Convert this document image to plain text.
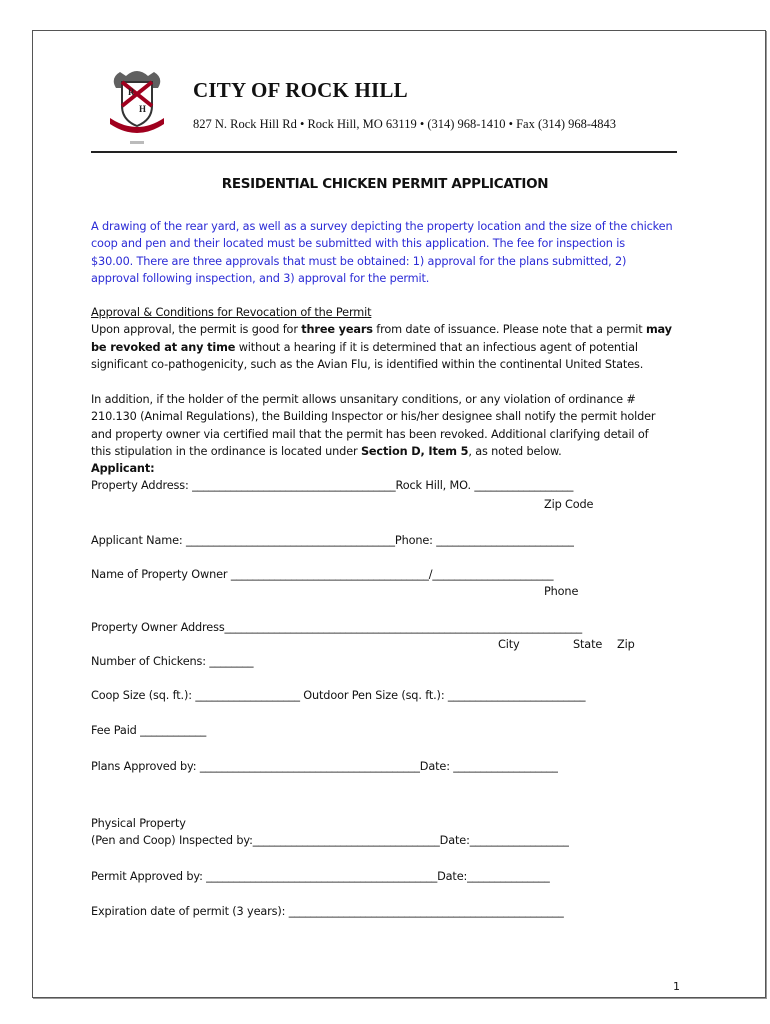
R
H
CITY OF ROCK HILL
827 N. Rock Hill Rd • Rock Hill, MO 63119 • (314) 968-1410 • Fax (314) 968-4843
RESIDENTIAL CHICKEN PERMIT APPLICATION
A drawing of the rear yard, as well as a survey depicting the property location and the size of the chicken
coop and pen and their located must be submitted with this application. The fee for inspection is
$30.00. There are three approvals that must be obtained: 1) approval for the plans submitted, 2)
approval following inspection, and 3) approval for the permit.
Approval & Conditions for Revocation of the Permit
Upon approval, the permit is good for three years from date of issuance. Please note that a permit may
be revoked at any time without a hearing if it is determined that an infectious agent of potential
significant co-pathogenicity, such as the Avian Flu, is identified within the continental United States.
In addition, if the holder of the permit allows unsanitary conditions, or any violation of ordinance #
210.130 (Animal Regulations), the Building Inspector or his/her designee shall notify the permit holder
and property owner via certified mail that the permit has been revoked. Additional clarifying detail of
this stipulation in the ordinance is located under Section D, Item 5, as noted below.
Applicant:
Property Address: _____________________________________Rock Hill, MO. __________________
Zip Code
Applicant Name: ______________________________________Phone: _________________________
Name of Property Owner ____________________________________/______________________
Phone
Property Owner Address_________________________________________________________________
City	State Zip
Number of Chickens: ________
Coop Size (sq. ft.): ___________________ Outdoor Pen Size (sq. ft.): _________________________
Fee Paid ____________
Plans Approved by: ________________________________________Date: ___________________
Physical Property
(Pen and Coop) Inspected by:__________________________________Date:__________________
Permit Approved by: __________________________________________Date:_______________
Expiration date of permit (3 years): __________________________________________________
1
